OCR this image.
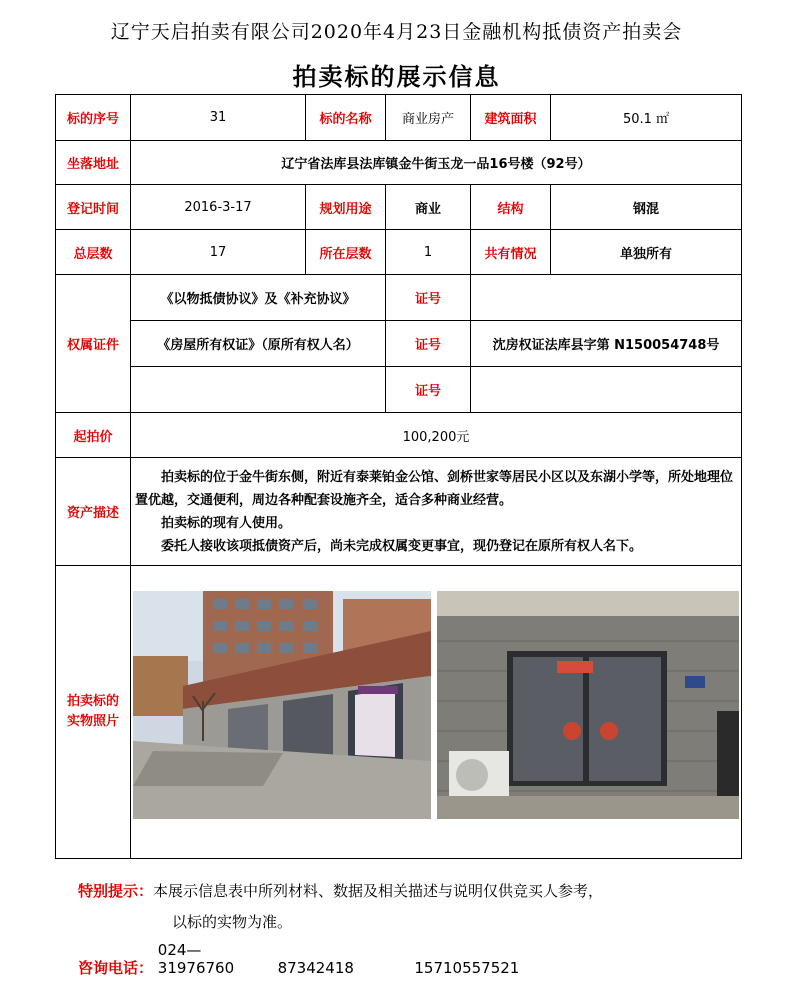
辽宁天启拍卖有限公司2020年4月23日金融机构抵债资产拍卖会
拍卖标的展示信息
标的序号	31	标的名称	商业房产	建筑面积	50.1 ㎡
坐落地址	辽宁省法库县法库镇金牛街玉龙一品16号楼（92号）				
登记时间	2016-3-17	规划用途	商业	结构	钢混
总层数	17	所在层数	1	共有情况	单独所有
权属证件	《以物抵债协议》及《补充协议》		证号		
	《房屋所有权证》（原所有权人名）		证号	沈房权证法库县字第 N150054748号	
			证号		
起拍价	100,200元				
资产描述	拍卖标的位于金牛街东侧，附近有泰莱铂金公馆、剑桥世家等居民小区以及东湖小学等，所处地理位置优越，交通便利，周边各种配套设施齐全，适合多种商业经营。

拍卖标的现有人使用。

委托人接收该项抵债资产后，尚未完成权属变更事宜，现仍登记在原所有权人名下。				

拍卖标的实物照片	
特别提示：本展示信息表中所列材料、数据及相关描述与说明仅供竞买人参考，
以标的实物为准。
咨询电话： 024—31976760	87342418	15710557521
